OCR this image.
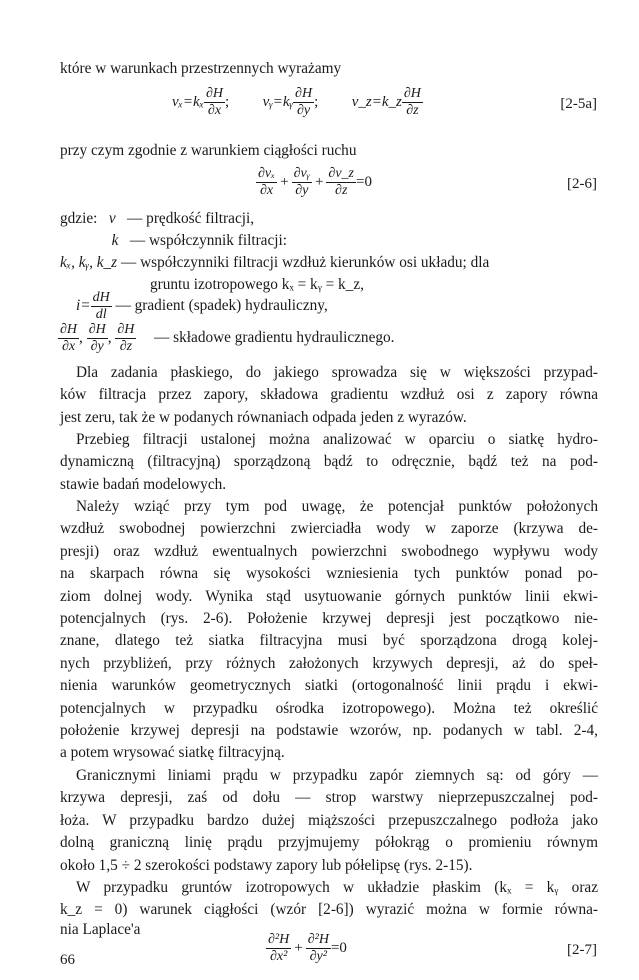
które w warunkach przestrzennych wyrażamy

$v_x=k_x \frac{\partial H}{\partial x}$ ; vᵧ=kᵧ $\frac{\partial H}{\partial y}$ ; v_z=k_z $\frac{\partial H}{\partial z}$	[2-5a]

przy czym zgodnie z warunkiem ciągłości ruchu

$\frac{\text{∂vₓ}}{\partial x} + \frac{\text{∂vᵧ}}{\partial y} + \frac{\partial v\_z}{\partial z} =0$	[2-6]
gdzie: v — prędkość filtracji,
k — współczynnik filtracji:
kₓ, kᵧ, k_z — współczynniki filtracji wzdłuż kierunków osi układu; dla
gruntu izotropowego kₓ = kᵧ = k_z,
$i= \frac{dH}{dl}$ — gradient (spadek) hydrauliczny,
$\frac{\partial H}{\partial x}$ , $\frac{\partial H}{\partial y}$ , $\frac{\partial H}{\partial z}$ — składowe gradientu hydraulicznego.
Dla zadania płaskiego, do jakiego sprowadza się w większości przypad-
ków filtracja przez zapory, składowa gradientu wzdłuż osi z zapory równa
jest zeru, tak że w podanych równaniach odpada jeden z wyrazów.
Przebieg filtracji ustalonej można analizować w oparciu o siatkę hydro-
dynamiczną (filtracyjną) sporządzoną bądź to odręcznie, bądź też na pod-
stawie badań modelowych.
Należy wziąć przy tym pod uwagę, że potencjał punktów położonych
wzdłuż swobodnej powierzchni zwierciadła wody w zaporze (krzywa de-
presji) oraz wzdłuż ewentualnych powierzchni swobodnego wypływu wody
na skarpach równa się wysokości wzniesienia tych punktów ponad po-
ziom dolnej wody. Wynika stąd usytuowanie górnych punktów linii ekwi-
potencjalnych (rys. 2-6). Położenie krzywej depresji jest początkowo nie-
znane, dlatego też siatka filtracyjna musi być sporządzona drogą kolej-
nych przybliżeń, przy różnych założonych krzywych depresji, aż do speł-
nienia warunków geometrycznych siatki (ortogonalność linii prądu i ekwi-
potencjalnych w przypadku ośrodka izotropowego). Można też określić
położenie krzywej depresji na podstawie wzorów, np. podanych w tabl. 2-4,
a potem wrysować siatkę filtracyjną.
Granicznymi liniami prądu w przypadku zapór ziemnych są: od góry —
krzywa depresji, zaś od dołu — strop warstwy nieprzepuszczalnej pod-
łoża. W przypadku bardzo dużej miąższości przepuszczalnego podłoża jako
dolną graniczną linię prądu przyjmujemy półokrąg o promieniu równym
około 1,5 ÷ 2 szerokości podstawy zapory lub półelipsę (rys. 2-15).
W przypadku gruntów izotropowych w układzie płaskim (kₓ = kᵧ oraz
k_z = 0) warunek ciągłości (wzór [2-6]) wyrazić można w formie równa-
nia Laplace'a
$\frac{\text{∂²H}}{\text{∂x²}} + \frac{\text{∂²H}}{\text{∂y²}} =0$	[2-7]
66
